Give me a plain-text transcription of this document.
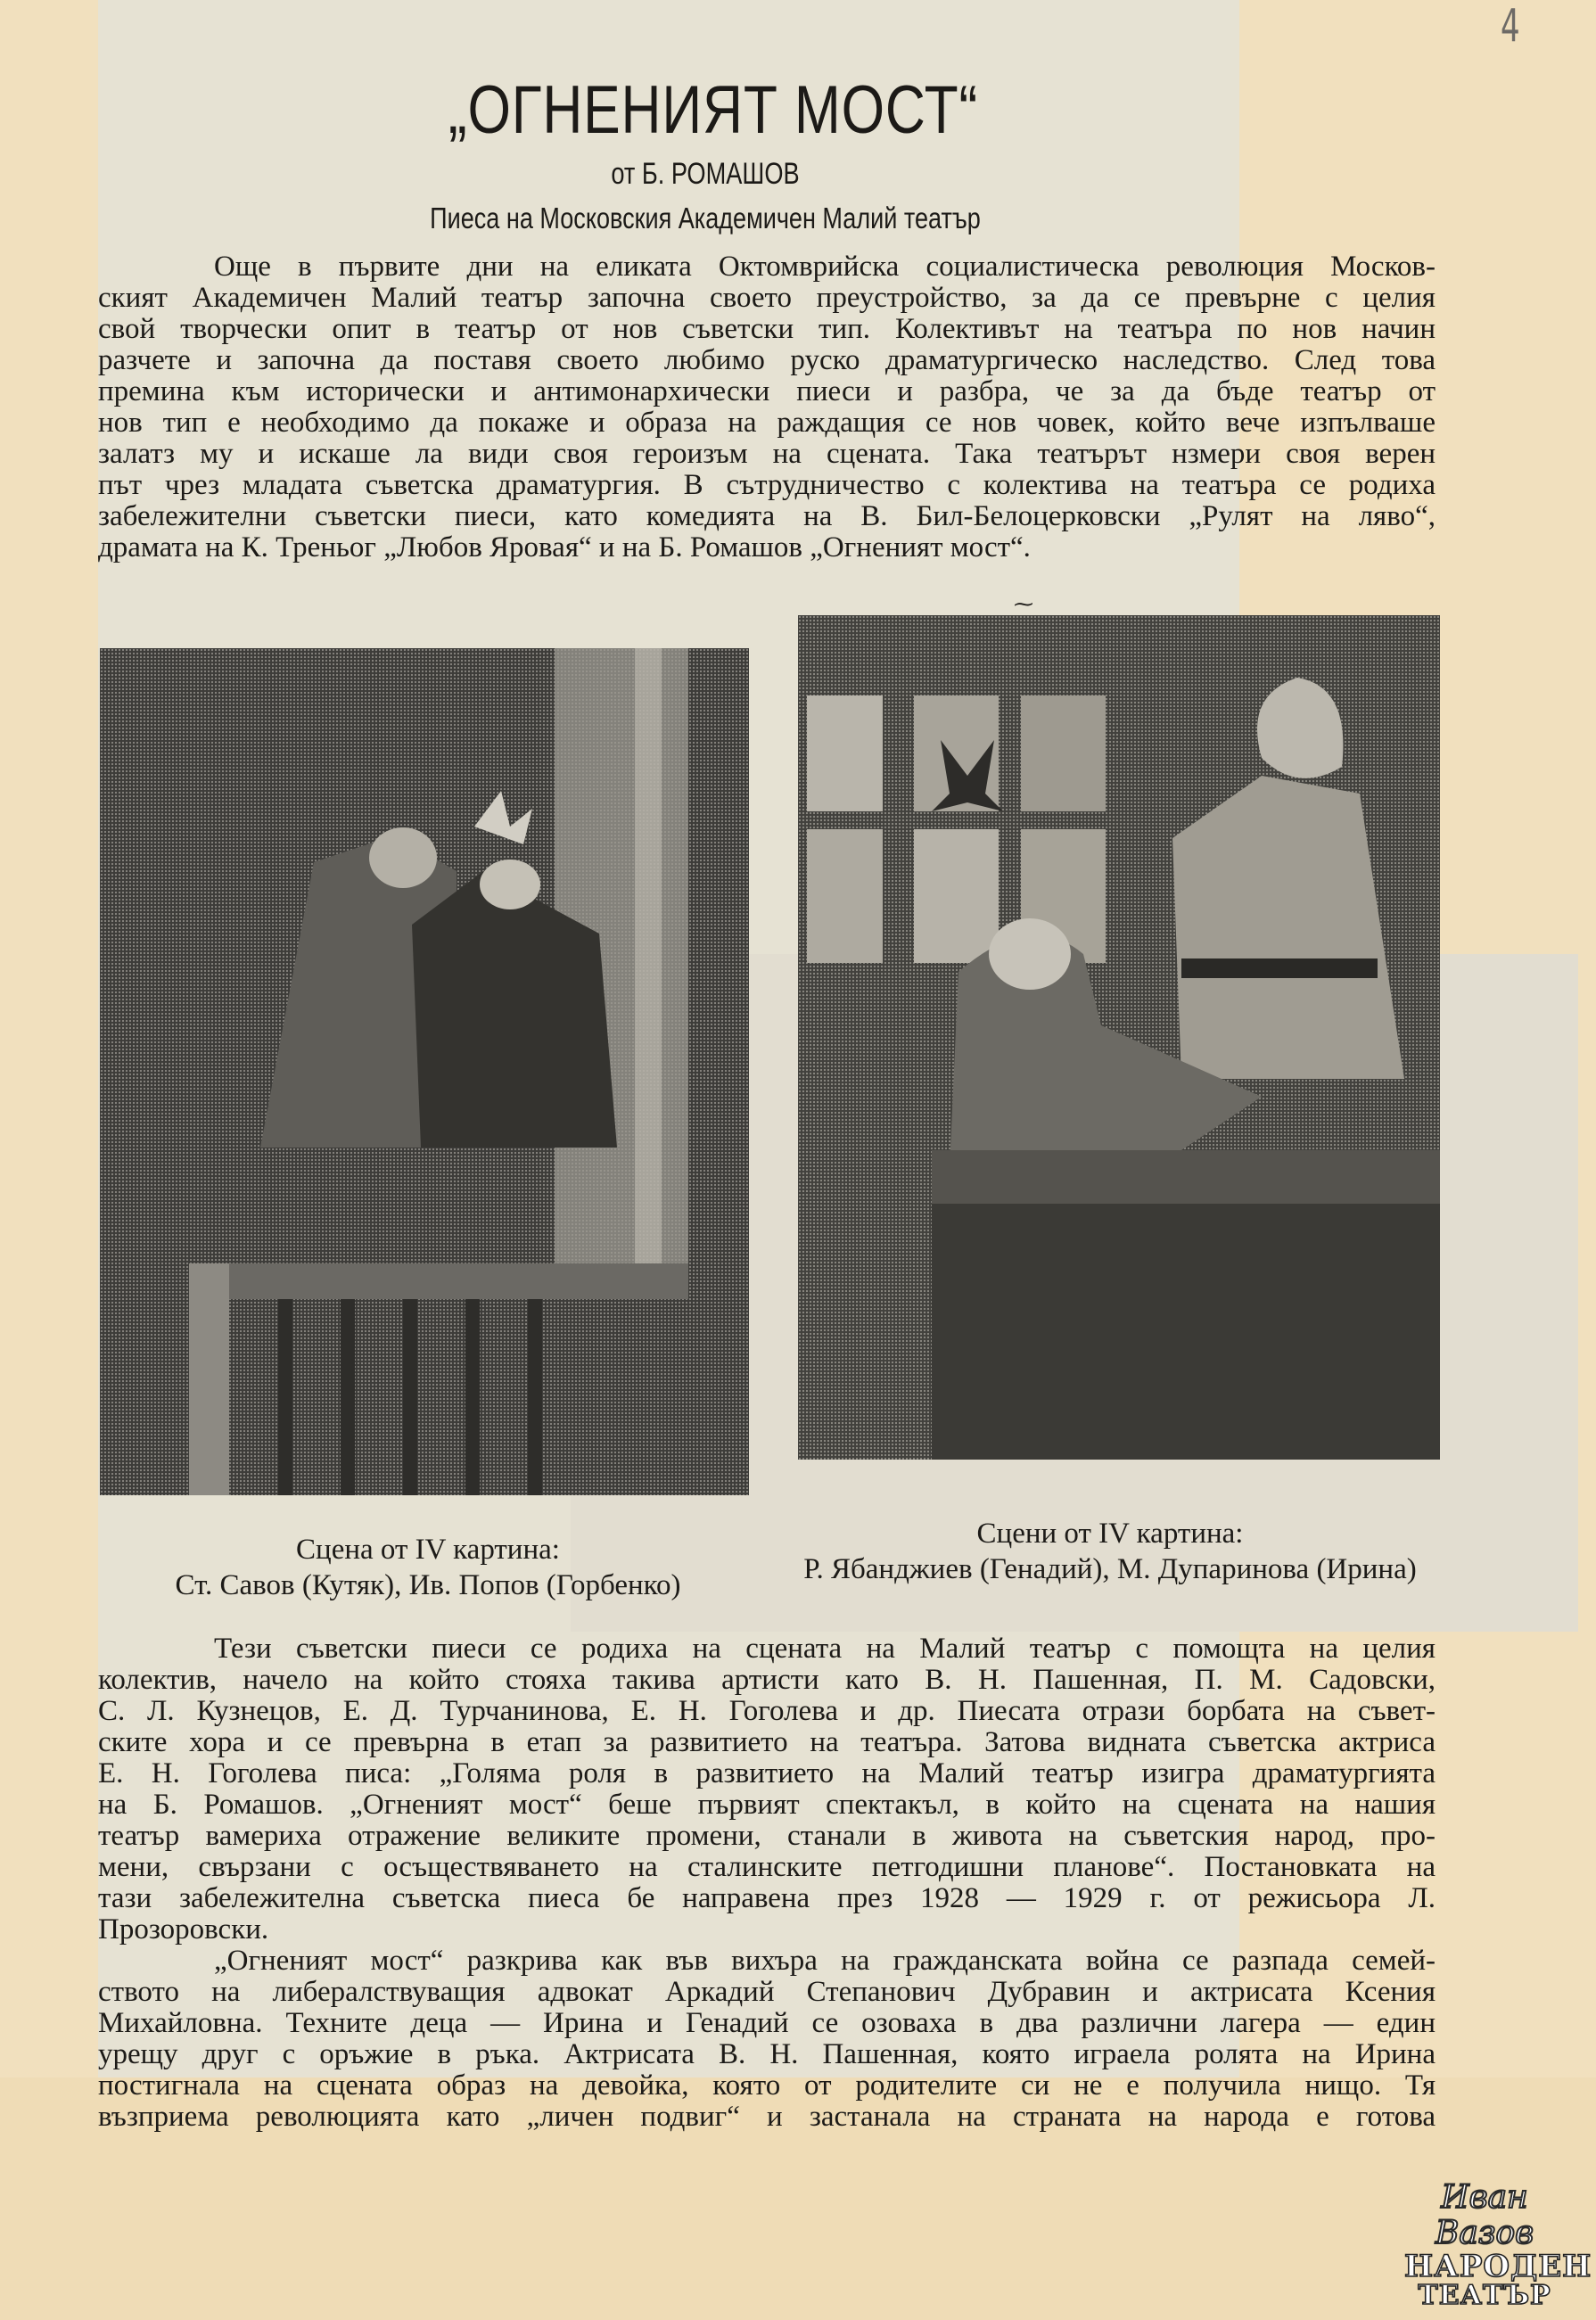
4
„ОГНЕНИЯТ МОСТ“
от Б. РОМАШОВ
Пиеса на Московския Академичен Малий театър
Още в първите дни на еликата Октомврийска социалистическа революция Москов-
ският Академичен Малий театър започна своето преустройство, за да се превърне с целия
свой творчески опит в театър от нов съветски тип. Колективът на театъра по нов начин
разчете и започна да поставя своето любимо руско драматургическо наследство. След това
премина към исторически и антимонархически пиеси и разбра, че за да бъде театър от
нов тип е необходимо да покаже и образа на раждащия се нов човек, който вече изпълваше
залатз му и искаше ла види своя героизъм на сцената. Така театърът нзмери своя верен
път чрез младата съветска драматургия. В сътрудничество с колектива на театъра се родиха
забележителни съветски пиеси, като комедията на В. Бил-Белоцерковски „Рулят на ляво“,
драмата на К. Треньог „Любов Яровая“ и на Б. Ромашов „Огненият мост“.
⁓
Сцена от IV картина:
Ст. Савов (Кутяк), Ив. Попов (Горбенко)
Сцени от IV картина:
Р. Ябанджиев (Генадий), М. Дупаринова (Ирина)
Тези съветски пиеси се родиха на сцената на Малий театър с помощта на целия
колектив, начело на който стояха такива артисти като В. Н. Пашенная, П. М. Садовски,
С. Л. Кузнецов, Е. Д. Турчанинова, Е. Н. Гоголева и др. Пиесата отрази борбата на съвет-
ските хора и се превърна в етап за развитието на театъра. Затова видната съветска актриса
Е. Н. Гоголева писа: „Голяма роля в развитието на Малий театър изигра драматургията
на Б. Ромашов. „Огненият мост“ беше първият спектакъл, в който на сцената на нашия
театър вамериха отражение великите промени, станали в живота на съветския народ, про-
мени, свързани с осъществяването на сталинските петгодишни планове“. Постановката на
тази забележителна съветска пиеса бе направена през 1928 — 1929 г. от режисьора Л.
Прозоровски.
„Огненият мост“ разкрива как във вихъра на гражданската война се разпада семей-
ството на либералствуващия адвокат Аркадий Степанович Дубравин и актрисата Ксения
Михайловна. Техните деца — Ирина и Генадий се озоваха в два различни лагера — един
урещу друг с оръжие в ръка. Актрисата В. Н. Пашенная, която играела ролята на Ирина
постигнала на сцената образ на девойка, която от родителите си не е получила нищо. Тя
възприема революцията като „личен подвиг“ и застанала на страната на народа е готова
Иван Вазов
НАРОДЕН
ТЕАТЪР
